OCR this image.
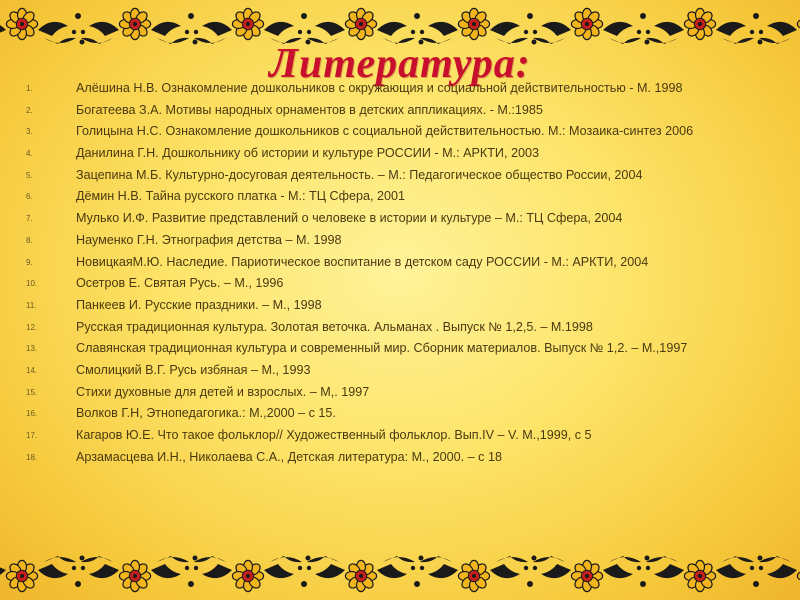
Литература:
1.	Алёшина Н.В. Ознакомление дошкольников с окружающия и социальной действительностью - М. 1998
2.	Богатеева З.А. Мотивы народных орнаментов в детских аппликациях. - М.:1985
3.	Голицына Н.С. Ознакомление дошкольников с социальной действительностью. М.: Мозаика-синтез 2006
4.	Данилина Г.Н. Дошкольнику об истории и культуре РОССИИ - М.: АРКТИ, 2003
5.	Зацепина М.Б. Культурно-досуговая деятельность. – М.: Педагогическое общество России, 2004
6.	Дёмин Н.В. Тайна русского платка - М.: ТЦ Сфера, 2001
7.	Мулько И.Ф. Развитие представлений о человеке в истории и культуре – М.: ТЦ Сфера, 2004
8.	Науменко Г.Н. Этнография детства – М. 1998
9.	НовицкаяМ.Ю. Наследие. Париотическое воспитание в детском саду РОССИИ - М.: АРКТИ, 2004
10.	Осетров Е. Святая Русь. – М., 1996
11.	Панкеев И. Русские праздники. – М., 1998
12.	Русская традиционная культура. Золотая веточка. Альманах . Выпуск № 1,2,5. – М.1998
13.	Славянская традиционная культура и современный мир. Сборник материалов. Выпуск № 1,2. – М.,1997
14.	Смолицкий В.Г. Русь избяная – М., 1993
15.	Стихи духовные для детей и взрослых. – М,. 1997
16.	Волков Г.Н, Этнопедагогика.: М.,2000 – с 15.
17.	Кагаров Ю.Е. Что такое фольклор// Художественный фольклор. Вып.IV – V. М.,1999, с 5
18.	Арзамасцева И.Н., Николаева С.А., Детская литература: М., 2000. – с 18
